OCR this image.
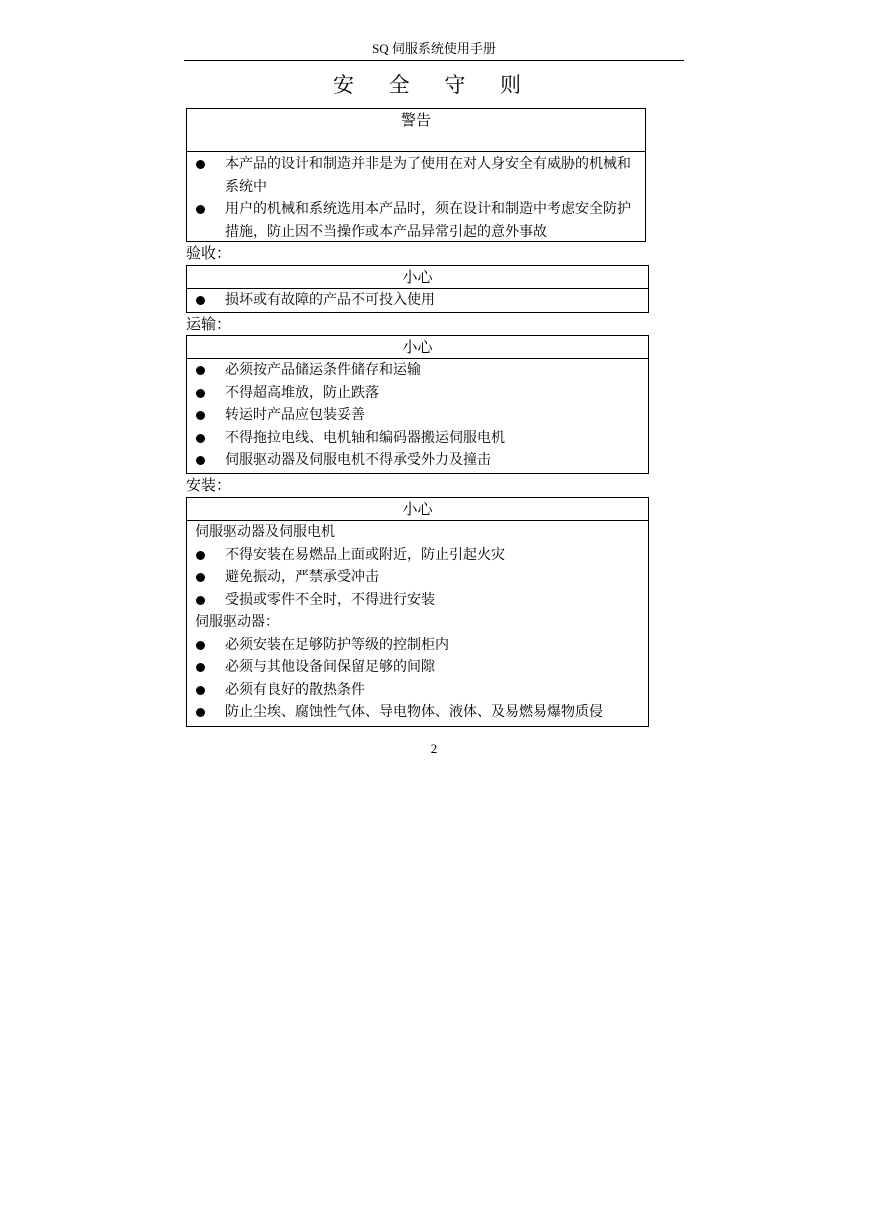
SQ 伺服系统使用手册
安 全 守 则
警告
本产品的设计和制造并非是为了使用在对人身安全有威胁的机械和系统中
用户的机械和系统选用本产品时，须在设计和制造中考虑安全防护措施，防止因不当操作或本产品异常引起的意外事故
验收：
小心
损坏或有故障的产品不可投入使用
运输：
小心
必须按产品储运条件储存和运输
不得超高堆放，防止跌落
转运时产品应包装妥善
不得拖拉电线、电机轴和编码器搬运伺服电机
伺服驱动器及伺服电机不得承受外力及撞击
安装：
小心
伺服驱动器及伺服电机
不得安装在易燃品上面或附近，防止引起火灾
避免振动，严禁承受冲击
受损或零件不全时，不得进行安装
伺服驱动器：
必须安装在足够防护等级的控制柜内
必须与其他设备间保留足够的间隙
必须有良好的散热条件
防止尘埃、腐蚀性气体、导电物体、液体、及易燃易爆物质侵
2
